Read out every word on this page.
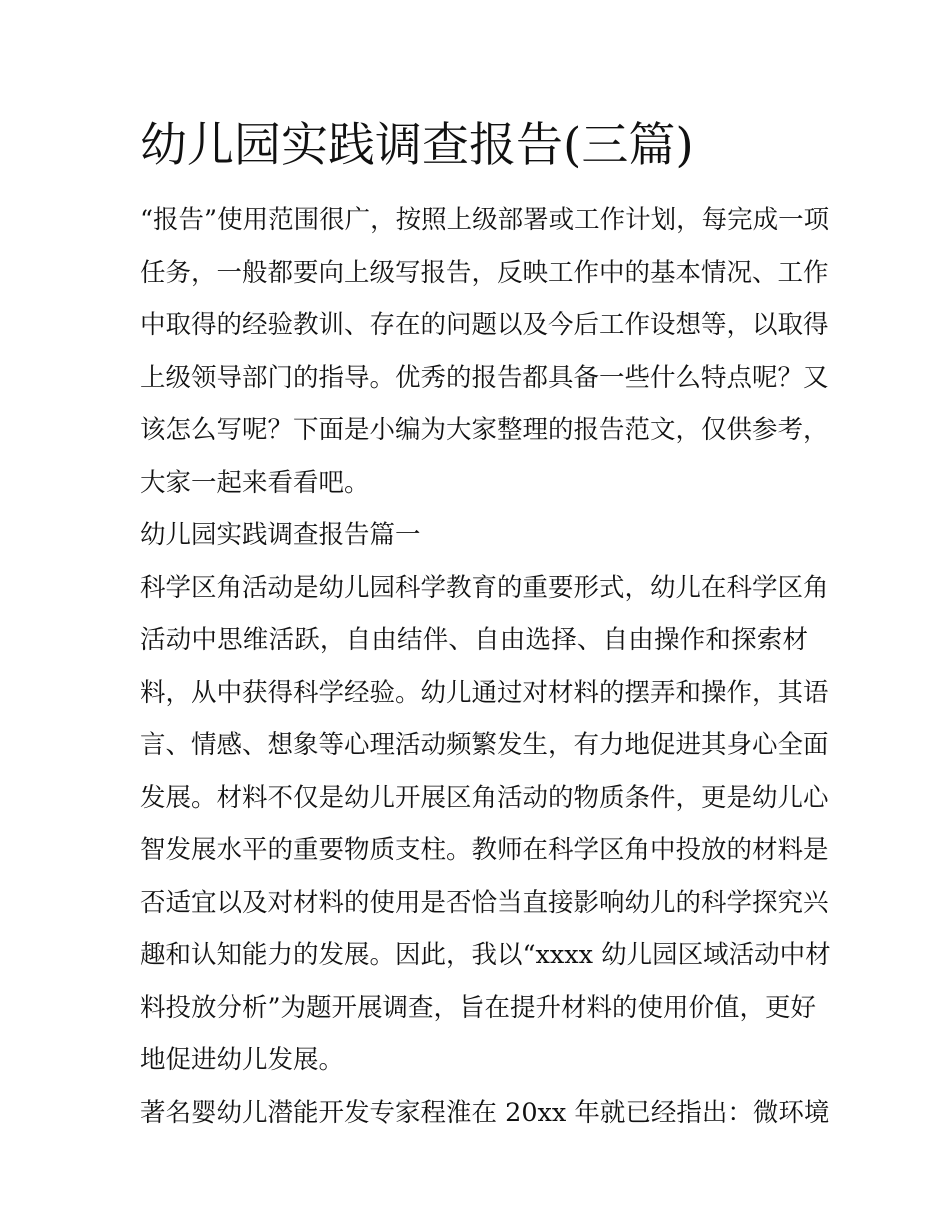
幼儿园实践调查报告(三篇)

“报告”使用范围很广，按照上级部署或工作计划，每完成一项
任务，一般都要向上级写报告，反映工作中的基本情况、工作
中取得的经验教训、存在的问题以及今后工作设想等，以取得
上级领导部门的指导。优秀的报告都具备一些什么特点呢？又
该怎么写呢？下面是小编为大家整理的报告范文，仅供参考，
大家一起来看看吧。

幼儿园实践调查报告篇一

科学区角活动是幼儿园科学教育的重要形式，幼儿在科学区角
活动中思维活跃，自由结伴、自由选择、自由操作和探索材
料，从中获得科学经验。幼儿通过对材料的摆弄和操作，其语
言、情感、想象等心理活动频繁发生，有力地促进其身心全面
发展。材料不仅是幼儿开展区角活动的物质条件，更是幼儿心
智发展水平的重要物质支柱。教师在科学区角中投放的材料是
否适宜以及对材料的使用是否恰当直接影响幼儿的科学探究兴
趣和认知能力的发展。因此，我以“xxxx 幼儿园区域活动中材
料投放分析”为题开展调查，旨在提升材料的使用价值，更好
地促进幼儿发展。

著名婴幼儿潜能开发专家程淮在 20xx 年就已经指出：微环境
